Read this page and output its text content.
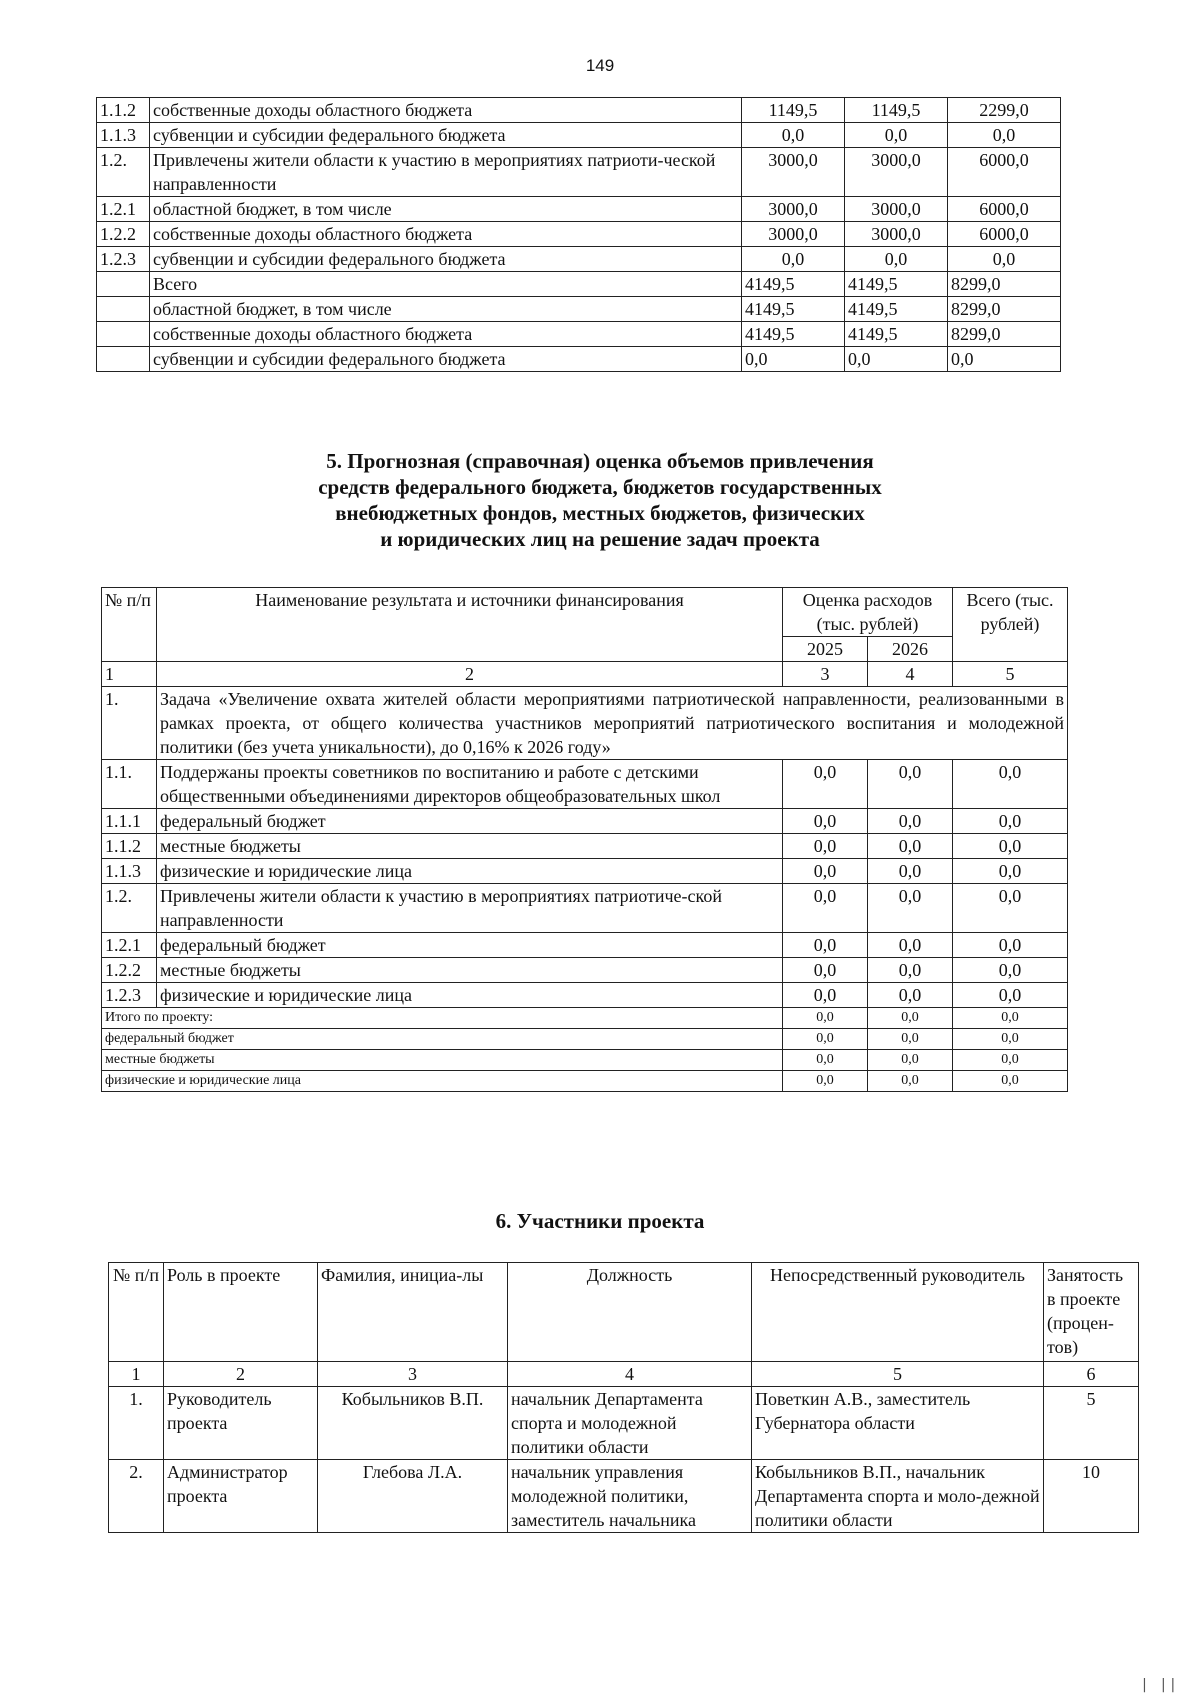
149
1.1.2	собственные доходы областного бюджета	1149,5	1149,5	2299,0
1.1.3	субвенции и субсидии федерального бюджета	0,0	0,0	0,0
1.2.	Привлечены жители области к участию в мероприятиях патриоти-ческой направленности	3000,0	3000,0	6000,0
1.2.1	областной бюджет, в том числе	3000,0	3000,0	6000,0
1.2.2	собственные доходы областного бюджета	3000,0	3000,0	6000,0
1.2.3	субвенции и субсидии федерального бюджета	0,0	0,0	0,0
	Всего	4149,5	4149,5	8299,0
	областной бюджет, в том числе	4149,5	4149,5	8299,0
	собственные доходы областного бюджета	4149,5	4149,5	8299,0
	субвенции и субсидии федерального бюджета	0,0	0,0	0,0
5. Прогнозная (справочная) оценка объемов привлечения
средств федерального бюджета, бюджетов государственных
внебюджетных фондов, местных бюджетов, физических
и юридических лиц на решение задач проекта
№ п/п	Наименование результата и источники финансирования	Оценка расходов (тыс. рублей)		Всего (тыс. рублей)
		2025	2026	
1	2	3	4	5
1.	Задача «Увеличение охвата жителей области мероприятиями патриотической направленности, реализованными в рамках проекта, от общего количества участников мероприятий патриотического воспитания и молодежной политики (без учета уникальности), до 0,16% к 2026 году»			
1.1.	Поддержаны проекты советников по воспитанию и работе с детскими общественными объединениями директоров общеобразовательных школ	0,0	0,0	0,0
1.1.1	федеральный бюджет	0,0	0,0	0,0
1.1.2	местные бюджеты	0,0	0,0	0,0
1.1.3	физические и юридические лица	0,0	0,0	0,0
1.2.	Привлечены жители области к участию в мероприятиях патриотиче-ской направленности	0,0	0,0	0,0
1.2.1	федеральный бюджет	0,0	0,0	0,0
1.2.2	местные бюджеты	0,0	0,0	0,0
1.2.3	физические и юридические лица	0,0	0,0	0,0
Итого по проекту:		0,0	0,0	0,0
федеральный бюджет		0,0	0,0	0,0
местные бюджеты		0,0	0,0	0,0
физические и юридические лица		0,0	0,0	0,0
6. Участники проекта
№ п/п	Роль в проекте	Фамилия, инициа-лы	Должность	Непосредственный руководитель	Занятость в проекте (процен-тов)
1	2	3	4	5	6
1.	Руководитель проекта	Кобыльников В.П.	начальник Департамента спорта и молодежной политики области	Поветкин А.В., заместитель Губернатора области	5
2.	Администратор проекта	Глебова Л.А.	начальник управления молодежной политики, заместитель начальника	Кобыльников В.П., начальник Департамента спорта и моло-дежной политики области	10
| ||
